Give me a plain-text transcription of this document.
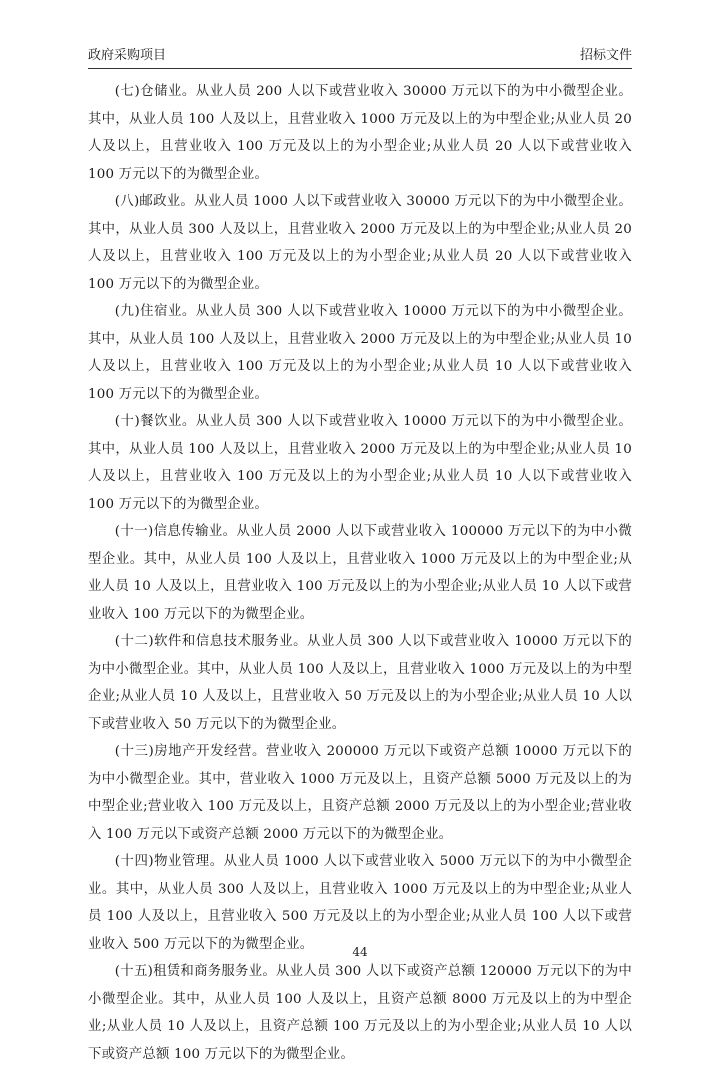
政府采购项目	招标文件

(七)仓储业。从业人员 200 人以下或营业收入 30000 万元以下的为中小微型企业。其中，从业人员 100 人及以上，且营业收入 1000 万元及以上的为中型企业;从业人员 20 人及以上，且营业收入 100 万元及以上的为小型企业;从业人员 20 人以下或营业收入 100 万元以下的为微型企业。

(八)邮政业。从业人员 1000 人以下或营业收入 30000 万元以下的为中小微型企业。其中，从业人员 300 人及以上，且营业收入 2000 万元及以上的为中型企业;从业人员 20 人及以上，且营业收入 100 万元及以上的为小型企业;从业人员 20 人以下或营业收入 100 万元以下的为微型企业。

(九)住宿业。从业人员 300 人以下或营业收入 10000 万元以下的为中小微型企业。其中，从业人员 100 人及以上，且营业收入 2000 万元及以上的为中型企业;从业人员 10 人及以上，且营业收入 100 万元及以上的为小型企业;从业人员 10 人以下或营业收入 100 万元以下的为微型企业。

(十)餐饮业。从业人员 300 人以下或营业收入 10000 万元以下的为中小微型企业。其中，从业人员 100 人及以上，且营业收入 2000 万元及以上的为中型企业;从业人员 10 人及以上，且营业收入 100 万元及以上的为小型企业;从业人员 10 人以下或营业收入 100 万元以下的为微型企业。

(十一)信息传输业。从业人员 2000 人以下或营业收入 100000 万元以下的为中小微型企业。其中，从业人员 100 人及以上，且营业收入 1000 万元及以上的为中型企业;从业人员 10 人及以上，且营业收入 100 万元及以上的为小型企业;从业人员 10 人以下或营业收入 100 万元以下的为微型企业。

(十二)软件和信息技术服务业。从业人员 300 人以下或营业收入 10000 万元以下的为中小微型企业。其中，从业人员 100 人及以上，且营业收入 1000 万元及以上的为中型企业;从业人员 10 人及以上，且营业收入 50 万元及以上的为小型企业;从业人员 10 人以下或营业收入 50 万元以下的为微型企业。

(十三)房地产开发经营。营业收入 200000 万元以下或资产总额 10000 万元以下的为中小微型企业。其中，营业收入 1000 万元及以上，且资产总额 5000 万元及以上的为中型企业;营业收入 100 万元及以上，且资产总额 2000 万元及以上的为小型企业;营业收入 100 万元以下或资产总额 2000 万元以下的为微型企业。

(十四)物业管理。从业人员 1000 人以下或营业收入 5000 万元以下的为中小微型企业。其中，从业人员 300 人及以上，且营业收入 1000 万元及以上的为中型企业;从业人员 100 人及以上，且营业收入 500 万元及以上的为小型企业;从业人员 100 人以下或营业收入 500 万元以下的为微型企业。

(十五)租赁和商务服务业。从业人员 300 人以下或资产总额 120000 万元以下的为中小微型企业。其中，从业人员 100 人及以上，且资产总额 8000 万元及以上的为中型企业;从业人员 10 人及以上，且资产总额 100 万元及以上的为小型企业;从业人员 10 人以下或资产总额 100 万元以下的为微型企业。

44
